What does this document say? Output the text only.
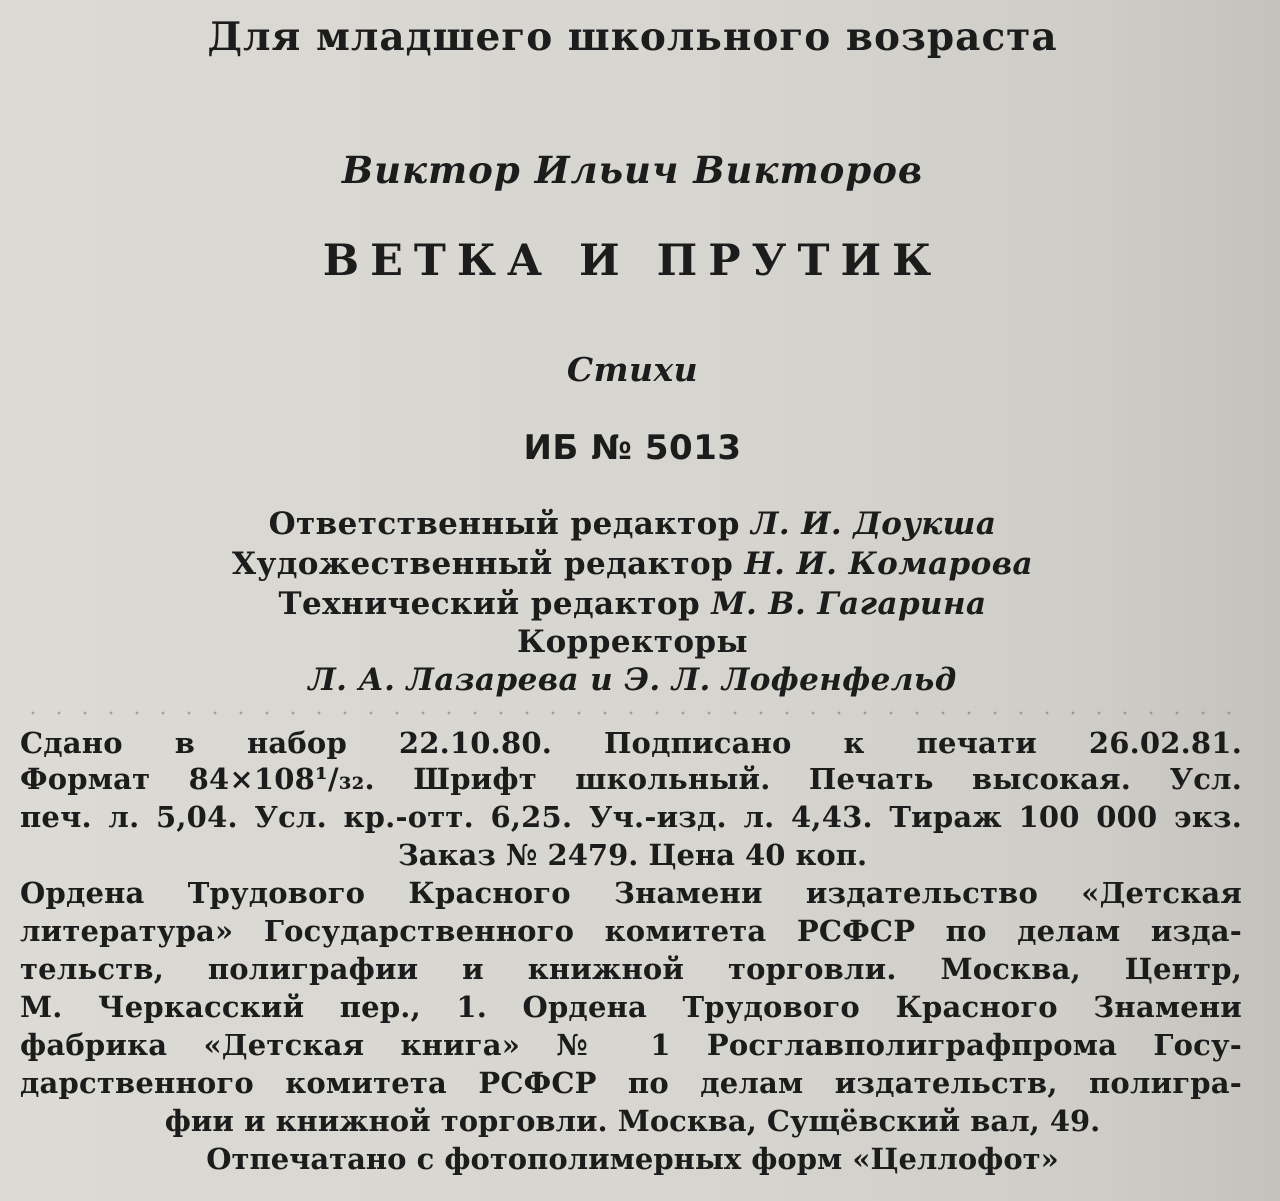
Для младшего школьного возраста
Виктор Ильич Викторов
ВЕТКА И ПРУТИК
Стихи
ИБ № 5013
Ответственный редактор Л. И. Доукша
Художественный редактор Н. И. Комарова
Технический редактор М. В. Гагарина
Корректоры
Л. А. Лазарева и Э. Л. Лофенфельд
Сдано в набор 22.10.80. Подписано к печати 26.02.81.
Формат 84×108¹/₃₂. Шрифт школьный. Печать высокая. Усл.
печ. л. 5,04. Усл. кр.-отт. 6,25. Уч.-изд. л. 4,43. Тираж 100 000 экз.
Заказ № 2479. Цена 40 коп.
Ордена Трудового Красного Знамени издательство «Детская
литература» Государственного комитета РСФСР по делам изда-
тельств, полиграфии и книжной торговли. Москва, Центр,
М. Черкасский пер., 1. Ордена Трудового Красного Знамени
фабрика «Детская книга» № 1 Росглавполиграфпрома Госу-
дарственного комитета РСФСР по делам издательств, полигра-
фии и книжной торговли. Москва, Сущёвский вал, 49.
Отпечатано с фотополимерных форм «Целлофот»
